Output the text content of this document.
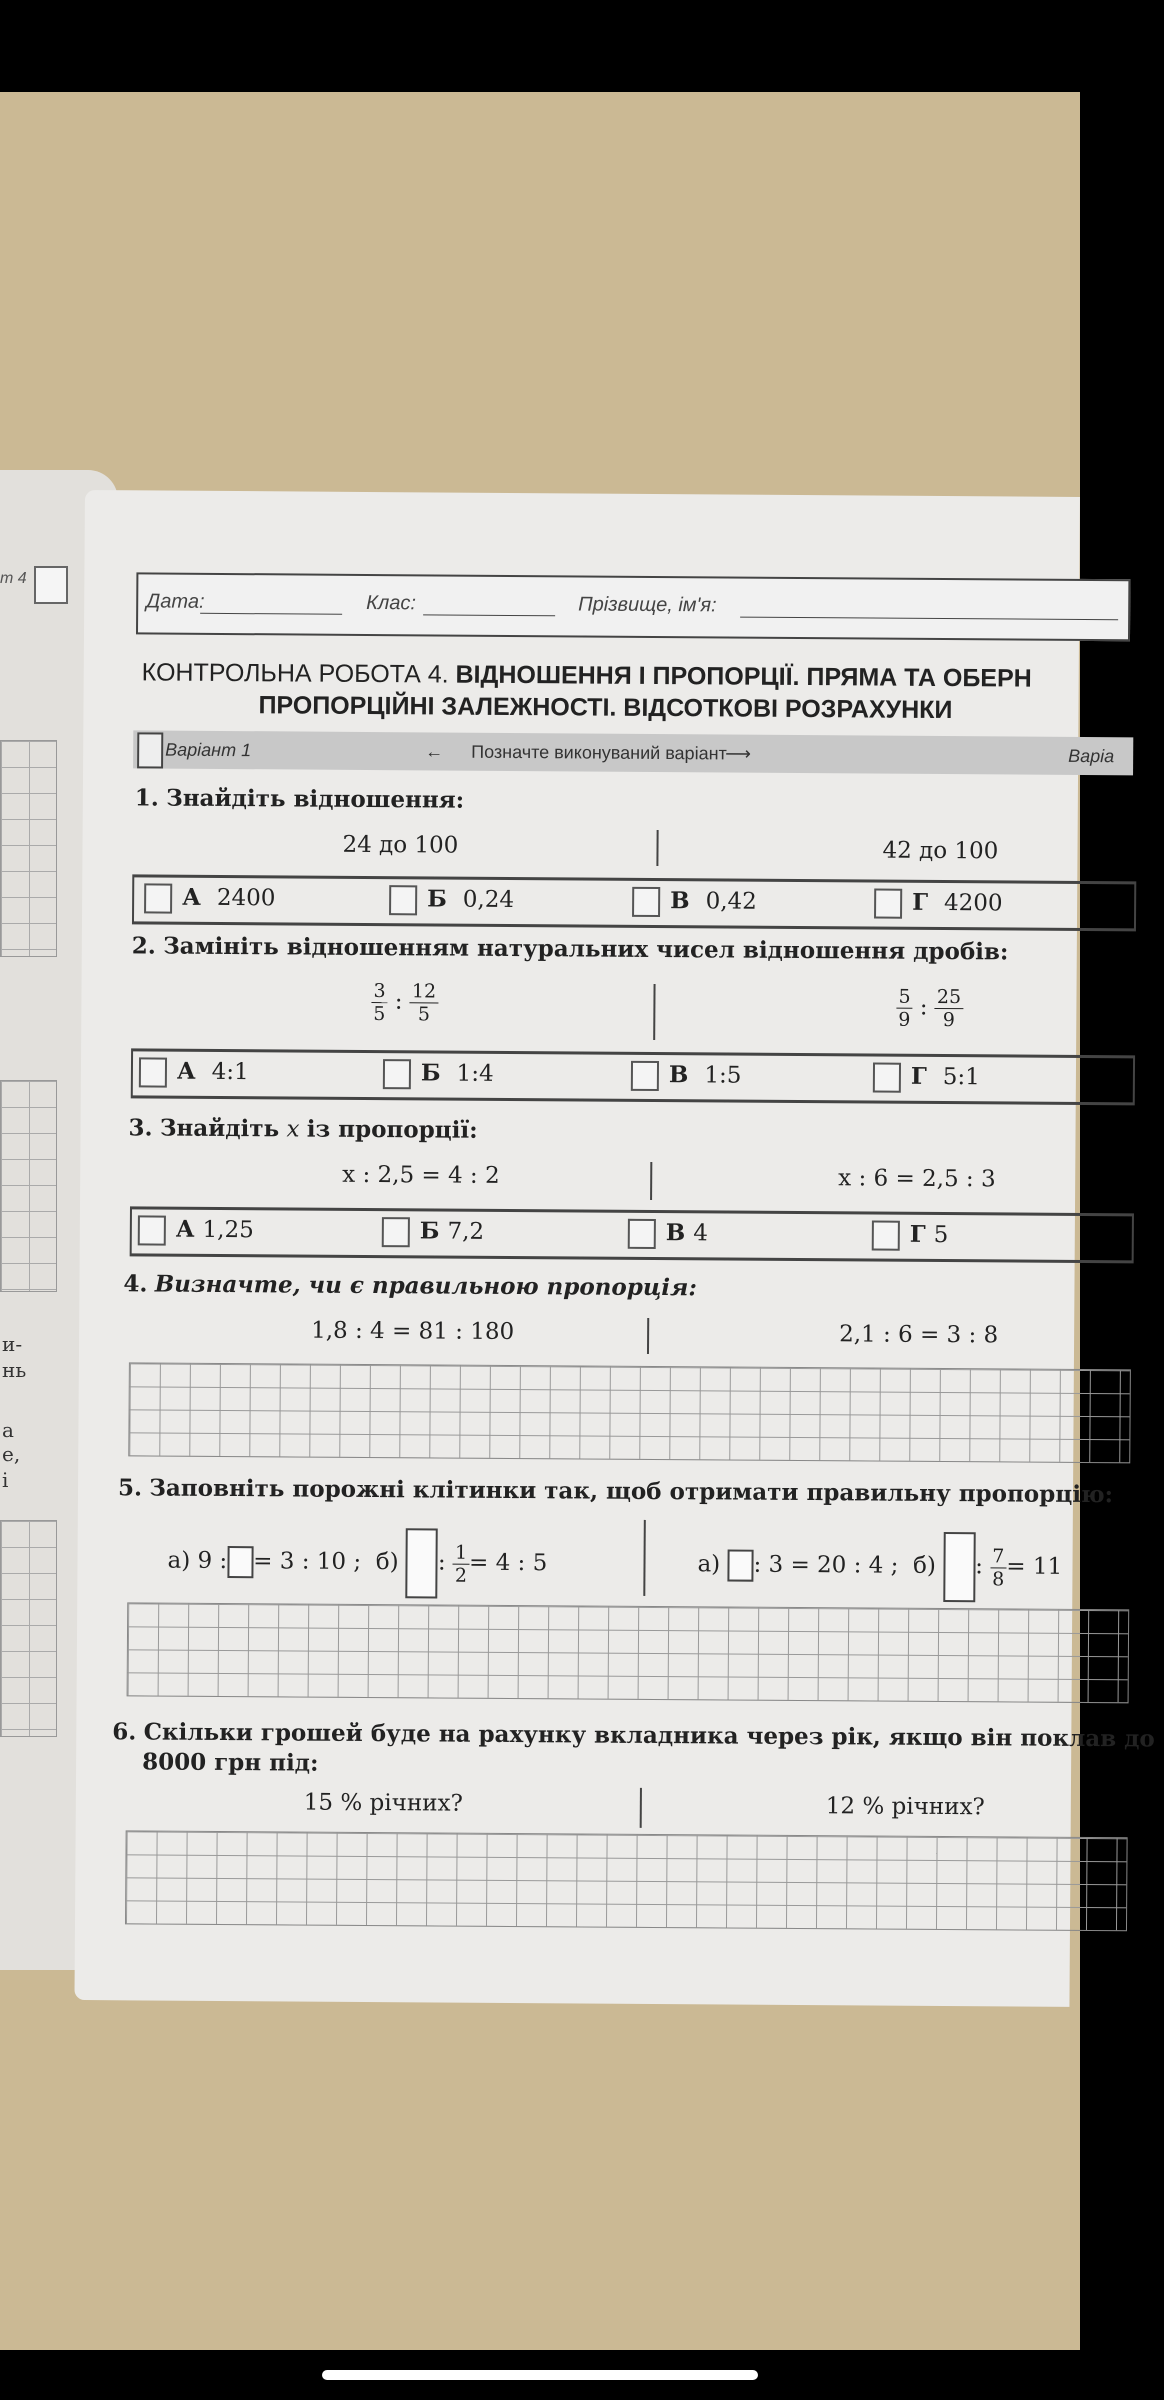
т 4
и-
нь
а
е,
і
Дата:	Клас:	Прізвище, ім'я:
КОНТРОЛЬНА РОБОТА 4. ВІДНОШЕННЯ І ПРОПОРЦІЇ. ПРЯМА ТА ОБЕРН
ПРОПОРЦІЙНІ ЗАЛЕЖНОСТІ. ВІДСОТКОВІ РОЗРАХУНКИ
Варіант 1	← Позначте виконуваний варіант
⟶	Варіа
1. Знайдіть відношення:
24 до 100	42 до 100
А 2400	Б 0,24	В 0,42	Г 4200
2. Замініть відношенням натуральних чисел відношення дробів:
$\frac{3}{5}$ : $\frac{12}{5}$	$\frac{5}{9}$ : $\frac{25}{9}$
А 4:1	Б 1:4	В 1:5	Г 5:1
3. Знайдіть x із пропорції:
x : 2,5 = 4 : 2	x : 6 = 2,5 : 3
А 1,25	Б 7,2	В 4	Г 5
4. Визначте, чи є правильною пропорція:
1,8 : 4 = 81 : 180	2,1 : 6 = 3 : 8
5. Заповніть порожні клітинки так, щоб отримати правильну пропорцію:
а) 9 : = 3 : 10 ; б) : $\frac{1}{2} = 4$ : 5	а) : 3 = 20 : 4 ; б) : $\frac{7}{8} = 11$
6. Скільки грошей буде на рахунку вкладника через рік, якщо він поклав до
8000 грн під:
15 % річних?	12 % річних?
